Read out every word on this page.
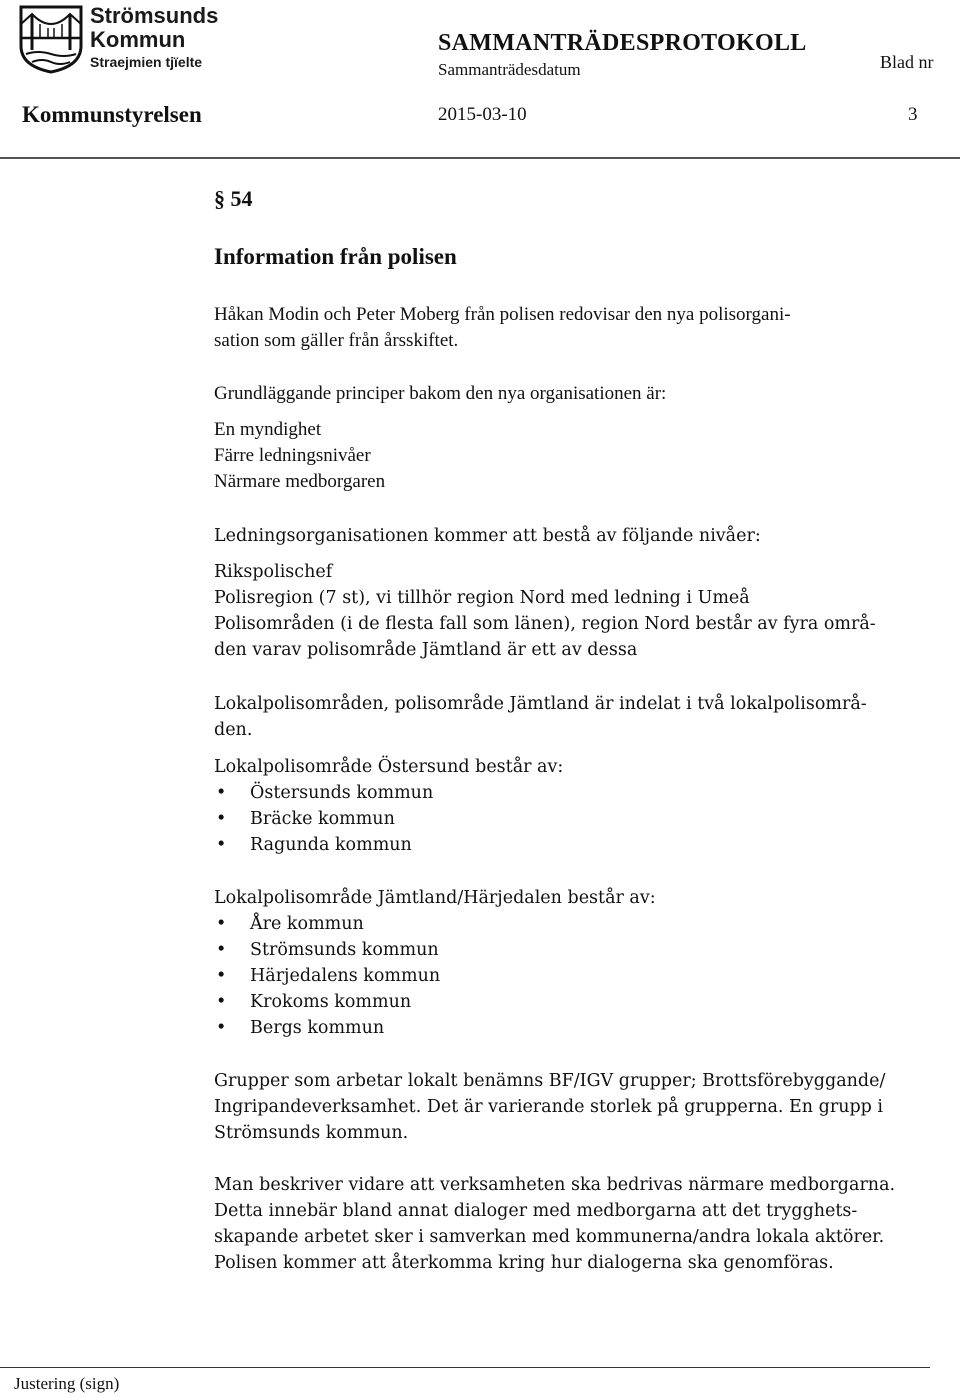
Strömsunds
Kommun
Straejmien tjïelte
SAMMANTRÄDESPROTOKOLL
Sammanträdesdatum	Blad nr
Kommunstyrelsen	2015-03-10	3
§ 54
Information från polisen
Håkan Modin och Peter Moberg från polisen redovisar den nya polisorgani-
sation som gäller från årsskiftet.
Grundläggande principer bakom den nya organisationen är:
En myndighet
Färre ledningsnivåer
Närmare medborgaren
Ledningsorganisationen kommer att bestå av följande nivåer:
Rikspolischef
Polisregion (7 st), vi tillhör region Nord med ledning i Umeå
Polisområden (i de flesta fall som länen), region Nord består av fyra områ-
den varav polisområde Jämtland är ett av dessa
Lokalpolisområden, polisområde Jämtland är indelat i två lokalpolisområ-
den.
Lokalpolisområde Östersund består av:
• Östersunds kommun
• Bräcke kommun
• Ragunda kommun
Lokalpolisområde Jämtland/Härjedalen består av:
• Åre kommun
• Strömsunds kommun
• Härjedalens kommun
• Krokoms kommun
• Bergs kommun
Grupper som arbetar lokalt benämns BF/IGV grupper; Brottsförebyggande/
Ingripandeverksamhet. Det är varierande storlek på grupperna. En grupp i
Strömsunds kommun.
Man beskriver vidare att verksamheten ska bedrivas närmare medborgarna.
Detta innebär bland annat dialoger med medborgarna att det trygghets-
skapande arbetet sker i samverkan med kommunerna/andra lokala aktörer.
Polisen kommer att återkomma kring hur dialogerna ska genomföras.
Justering (sign)
